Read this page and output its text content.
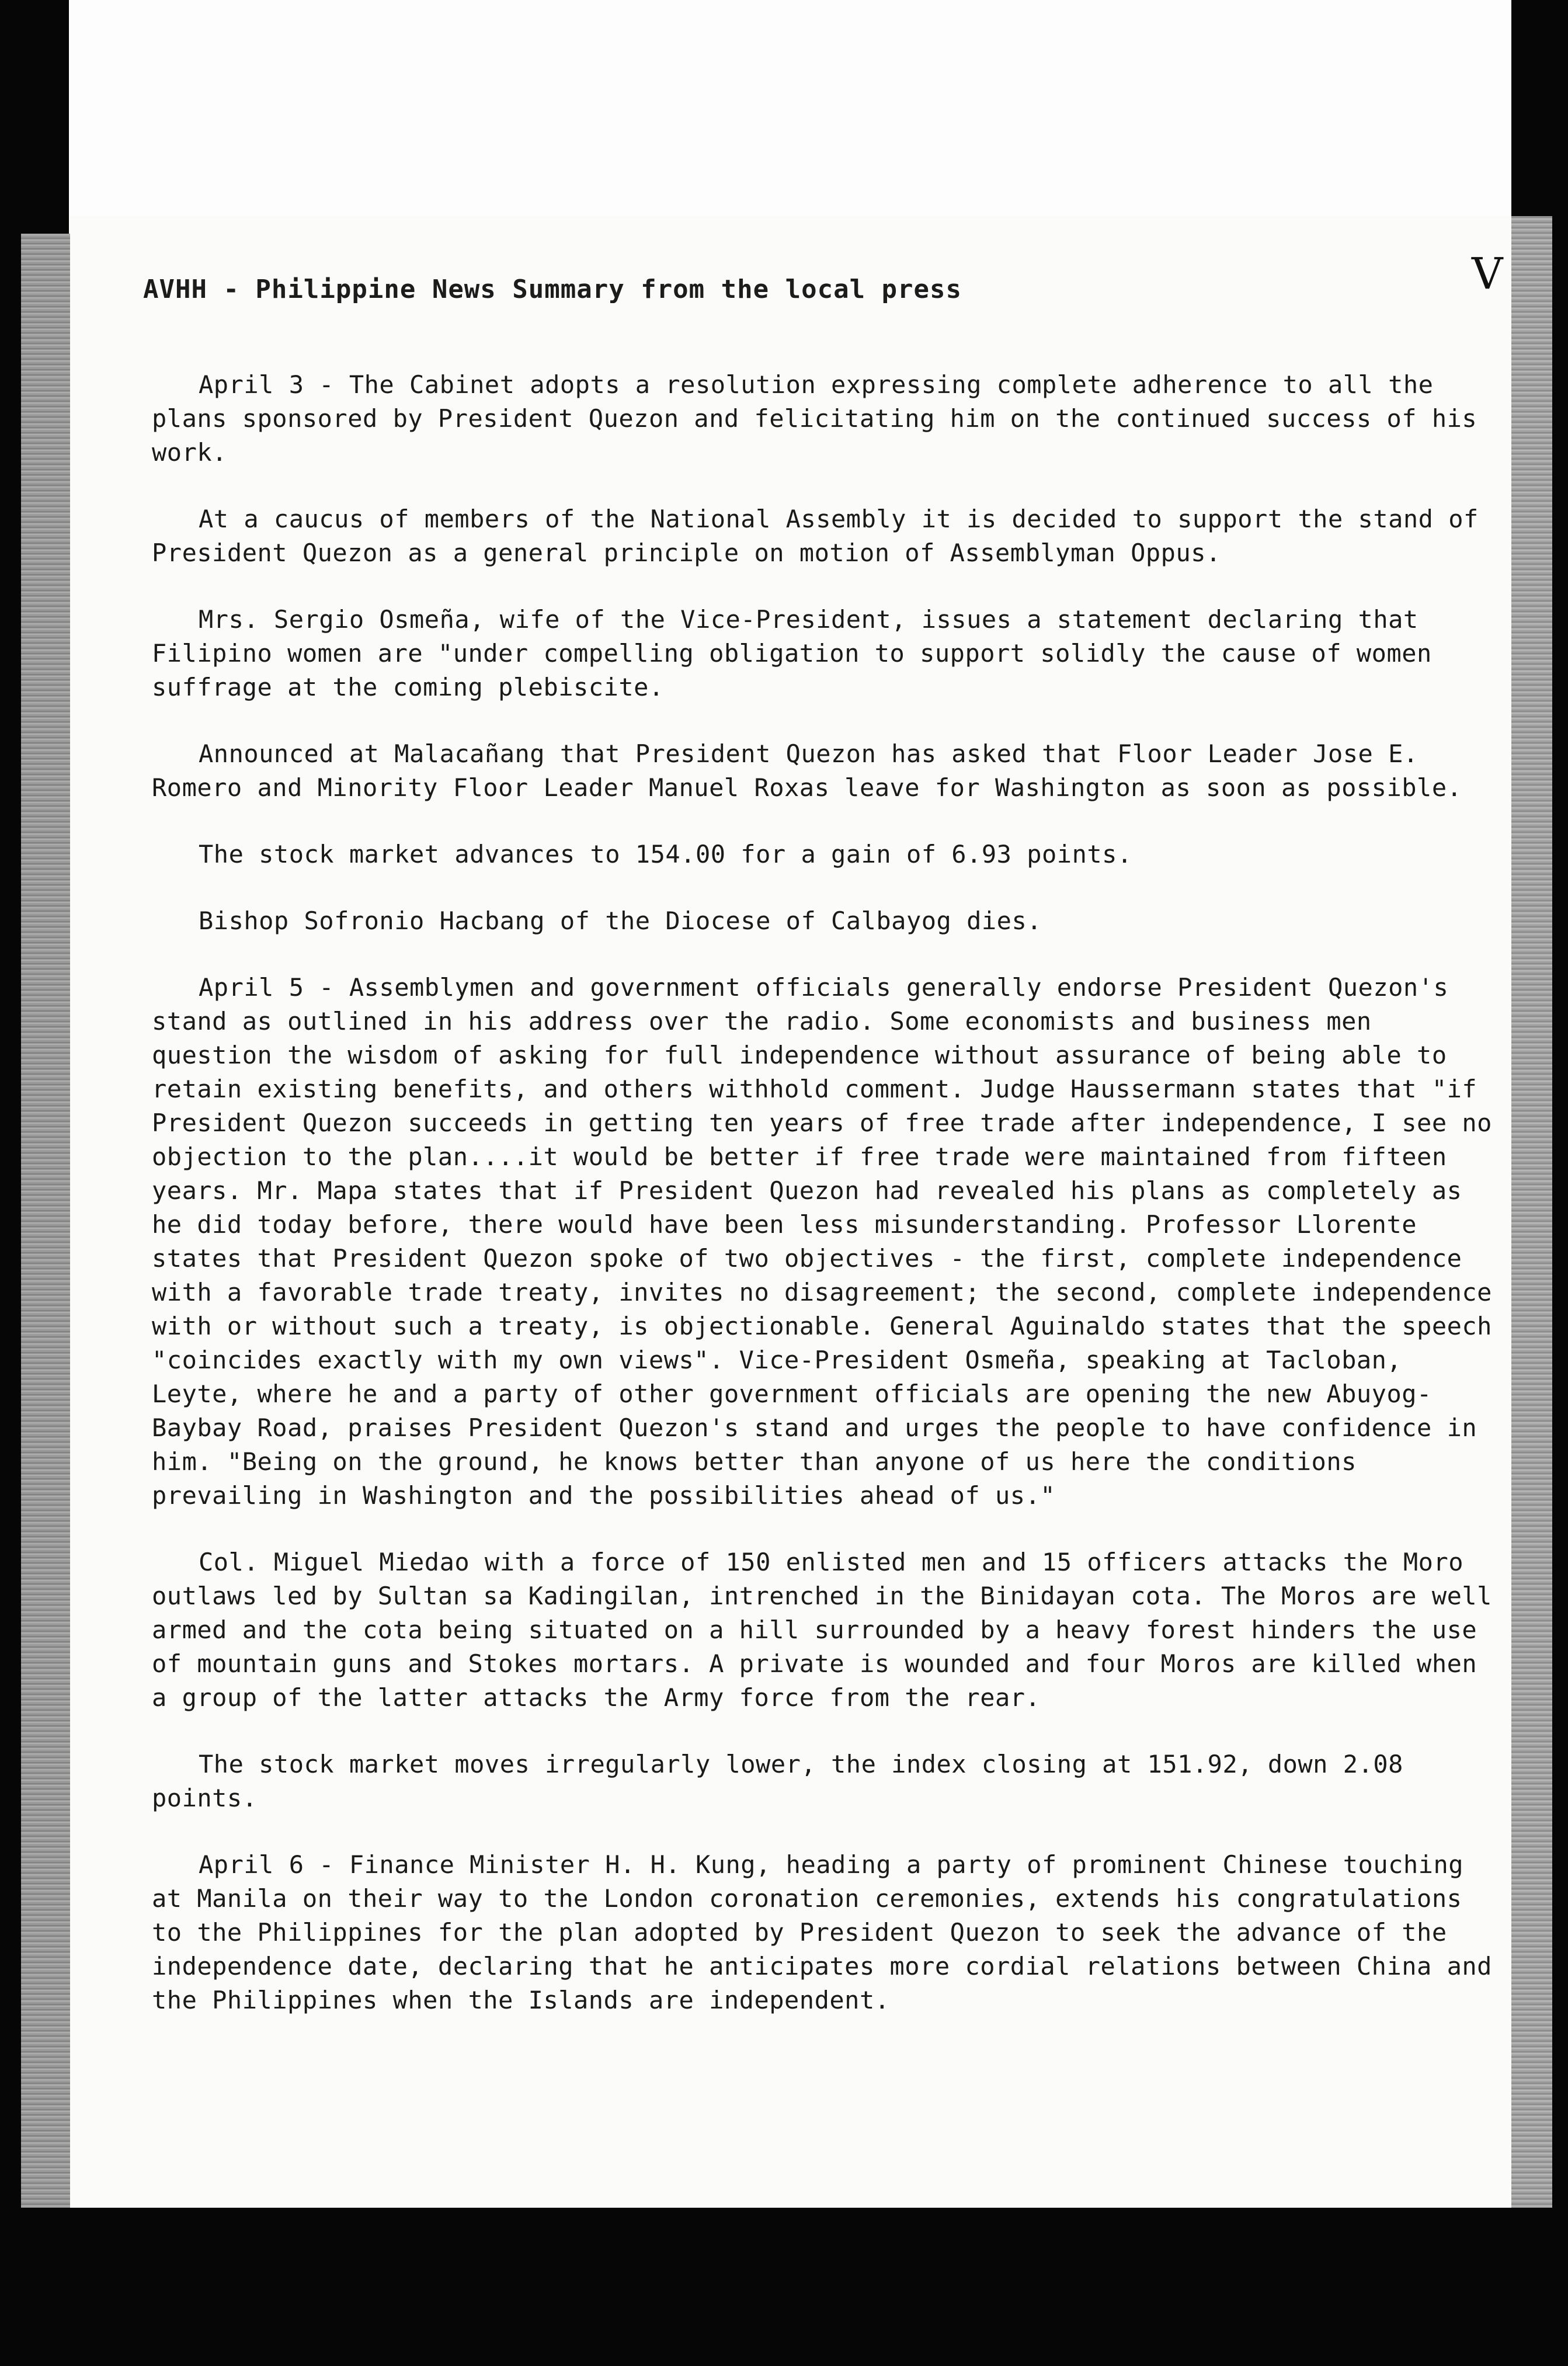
V

AVHH - Philippine News Summary from the local press

April 3 - The Cabinet adopts a resolution expressing complete adherence to all the plans sponsored by President Quezon and felicitating him on the continued success of his work.

At a caucus of members of the National Assembly it is decided to support the stand of President Quezon as a general principle on motion of Assemblyman Oppus.

Mrs. Sergio Osmeña, wife of the Vice-President, issues a statement declaring that Filipino women are "under compelling obligation to support solidly the cause of women suffrage at the coming plebiscite.

Announced at Malacañang that President Quezon has asked that Floor Leader Jose E. Romero and Minority Floor Leader Manuel Roxas leave for Washington as soon as possible.

The stock market advances to 154.00 for a gain of 6.93 points.

Bishop Sofronio Hacbang of the Diocese of Calbayog dies.

April 5 - Assemblymen and government officials generally endorse President Quezon's stand as outlined in his address over the radio. Some economists and business men question the wisdom of asking for full independence without assurance of being able to retain existing benefits, and others withhold comment. Judge Haussermann states that "if President Quezon succeeds in getting ten years of free trade after independence, I see no objection to the plan....it would be better if free trade were maintained from fifteen years. Mr. Mapa states that if President Quezon had revealed his plans as completely as he did today before, there would have been less misunderstanding. Professor Llorente states that President Quezon spoke of two objectives - the first, complete independence with a favorable trade treaty, invites no disagreement; the second, complete independence with or without such a treaty, is objectionable. General Aguinaldo states that the speech "coincides exactly with my own views". Vice-President Osmeña, speaking at Tacloban, Leyte, where he and a party of other government officials are opening the new Abuyog-Baybay Road, praises President Quezon's stand and urges the people to have confidence in him. "Being on the ground, he knows better than anyone of us here the conditions prevailing in Washington and the possibilities ahead of us."

Col. Miguel Miedao with a force of 150 enlisted men and 15 officers attacks the Moro outlaws led by Sultan sa Kadingilan, intrenched in the Binidayan cota. The Moros are well armed and the cota being situated on a hill surrounded by a heavy forest hinders the use of mountain guns and Stokes mortars. A private is wounded and four Moros are killed when a group of the latter attacks the Army force from the rear.

The stock market moves irregularly lower, the index closing at 151.92, down 2.08 points.

April 6 - Finance Minister H. H. Kung, heading a party of prominent Chinese touching at Manila on their way to the London coronation ceremonies, extends his congratulations to the Philippines for the plan adopted by President Quezon to seek the advance of the independence date, declaring that he anticipates more cordial relations between China and the Philippines when the Islands are independent.
